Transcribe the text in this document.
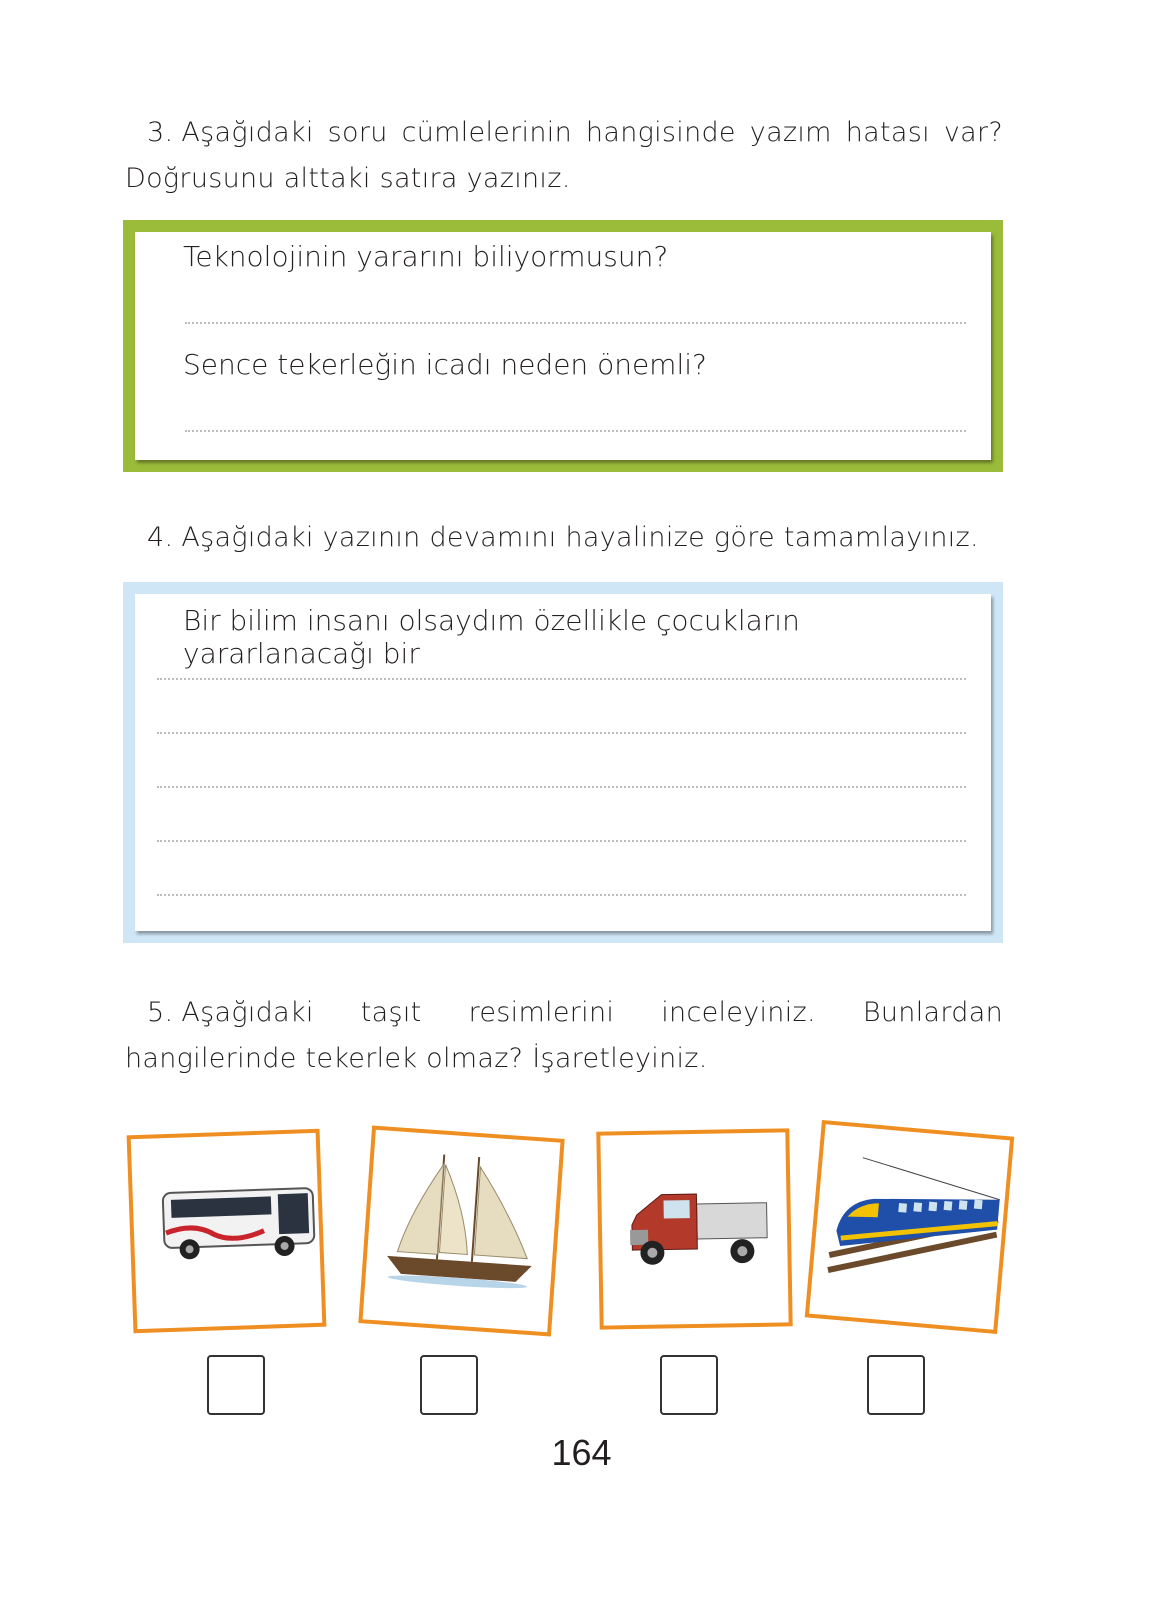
3. Aşağıdaki soru cümlelerinin hangisinde yazım hatası var? Doğrusunu alttaki satıra yazınız.
Teknolojinin yararını biliyormusun?
Sence tekerleğin icadı neden önemli?
4. Aşağıdaki yazının devamını hayalinize göre tamamlayınız.
Bir bilim insanı olsaydım özellikle çocukların yararlanacağı bir
5. Aşağıdaki taşıt resimlerini inceleyiniz. Bunlardan hangilerinde tekerlek olmaz? İşaretleyiniz.
164
